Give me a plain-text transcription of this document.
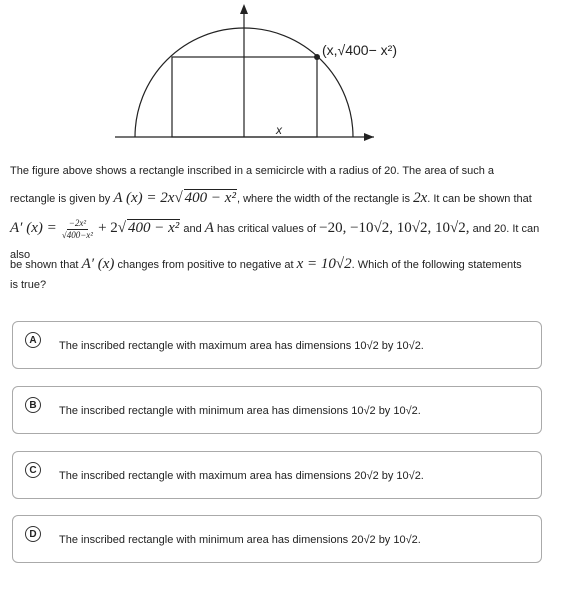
(x,√400− x²)
x
The figure above shows a rectangle inscribed in a semicircle with a radius of 20. The area of such a
rectangle is given by A (x) = 2x√ 400 − x², where the width of the rectangle is 2x. It can be shown that
A′ $(x) = \frac{\text{−2x²}}{\text{√400−x²}} + 2√$ 400 − x² and A has critical values of −20, −10√2, 10√2, 10√2, and 20. It can also
be shown that A′ (x) changes from positive to negative at x = 10√2. Which of the following statements
is true?
A	The inscribed rectangle with maximum area has dimensions 10√2 by 10√2.
B	The inscribed rectangle with minimum area has dimensions 10√2 by 10√2.
C	The inscribed rectangle with maximum area has dimensions 20√2 by 10√2.
D	The inscribed rectangle with minimum area has dimensions 20√2 by 10√2.
